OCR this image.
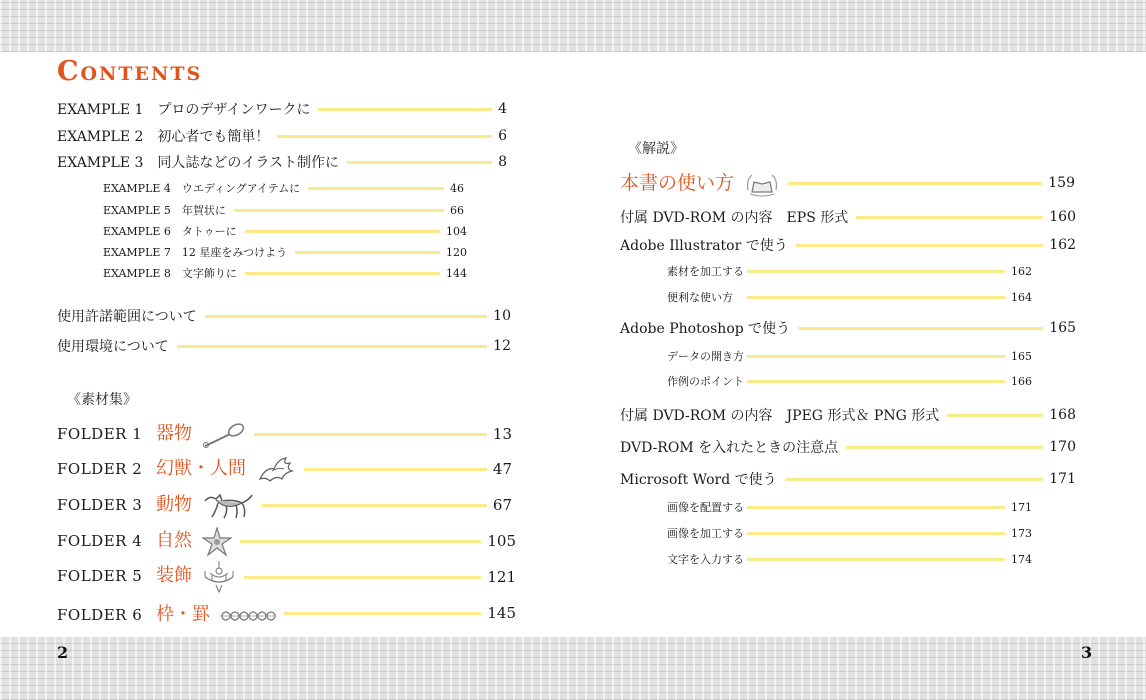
2	3
Contents
EXAMPLE 1　プロのデザインワークに	4
EXAMPLE 2　初心者でも簡単！	6
EXAMPLE 3　同人誌などのイラスト制作に	8
EXAMPLE 4　ウエディングアイテムに	46
EXAMPLE 5　年賀状に	66
EXAMPLE 6　タトゥーに	104
EXAMPLE 7　12 星座をみつけよう	120
EXAMPLE 8　文字飾りに	144
使用許諾範囲について	10
使用環境について	12
《素材集》
FOLDER 1 器物	13
FOLDER 2 幻獣・人間	47
FOLDER 3 動物	67
FOLDER 4 自然	105
FOLDER 5 装飾	121
FOLDER 6 枠・罫	145
《解説》
本書の使い方	159
付属 DVD-ROM の内容　EPS 形式	160
Adobe Illustrator で使う	162
素材を加工する	162
便利な使い方	164
Adobe Photoshop で使う	165
データの開き方	165
作例のポイント	166
付属 DVD-ROM の内容　JPEG 形式＆ PNG 形式	168
DVD-ROM を入れたときの注意点	170
Microsoft Word で使う	171
画像を配置する	171
画像を加工する	173
文字を入力する	174
